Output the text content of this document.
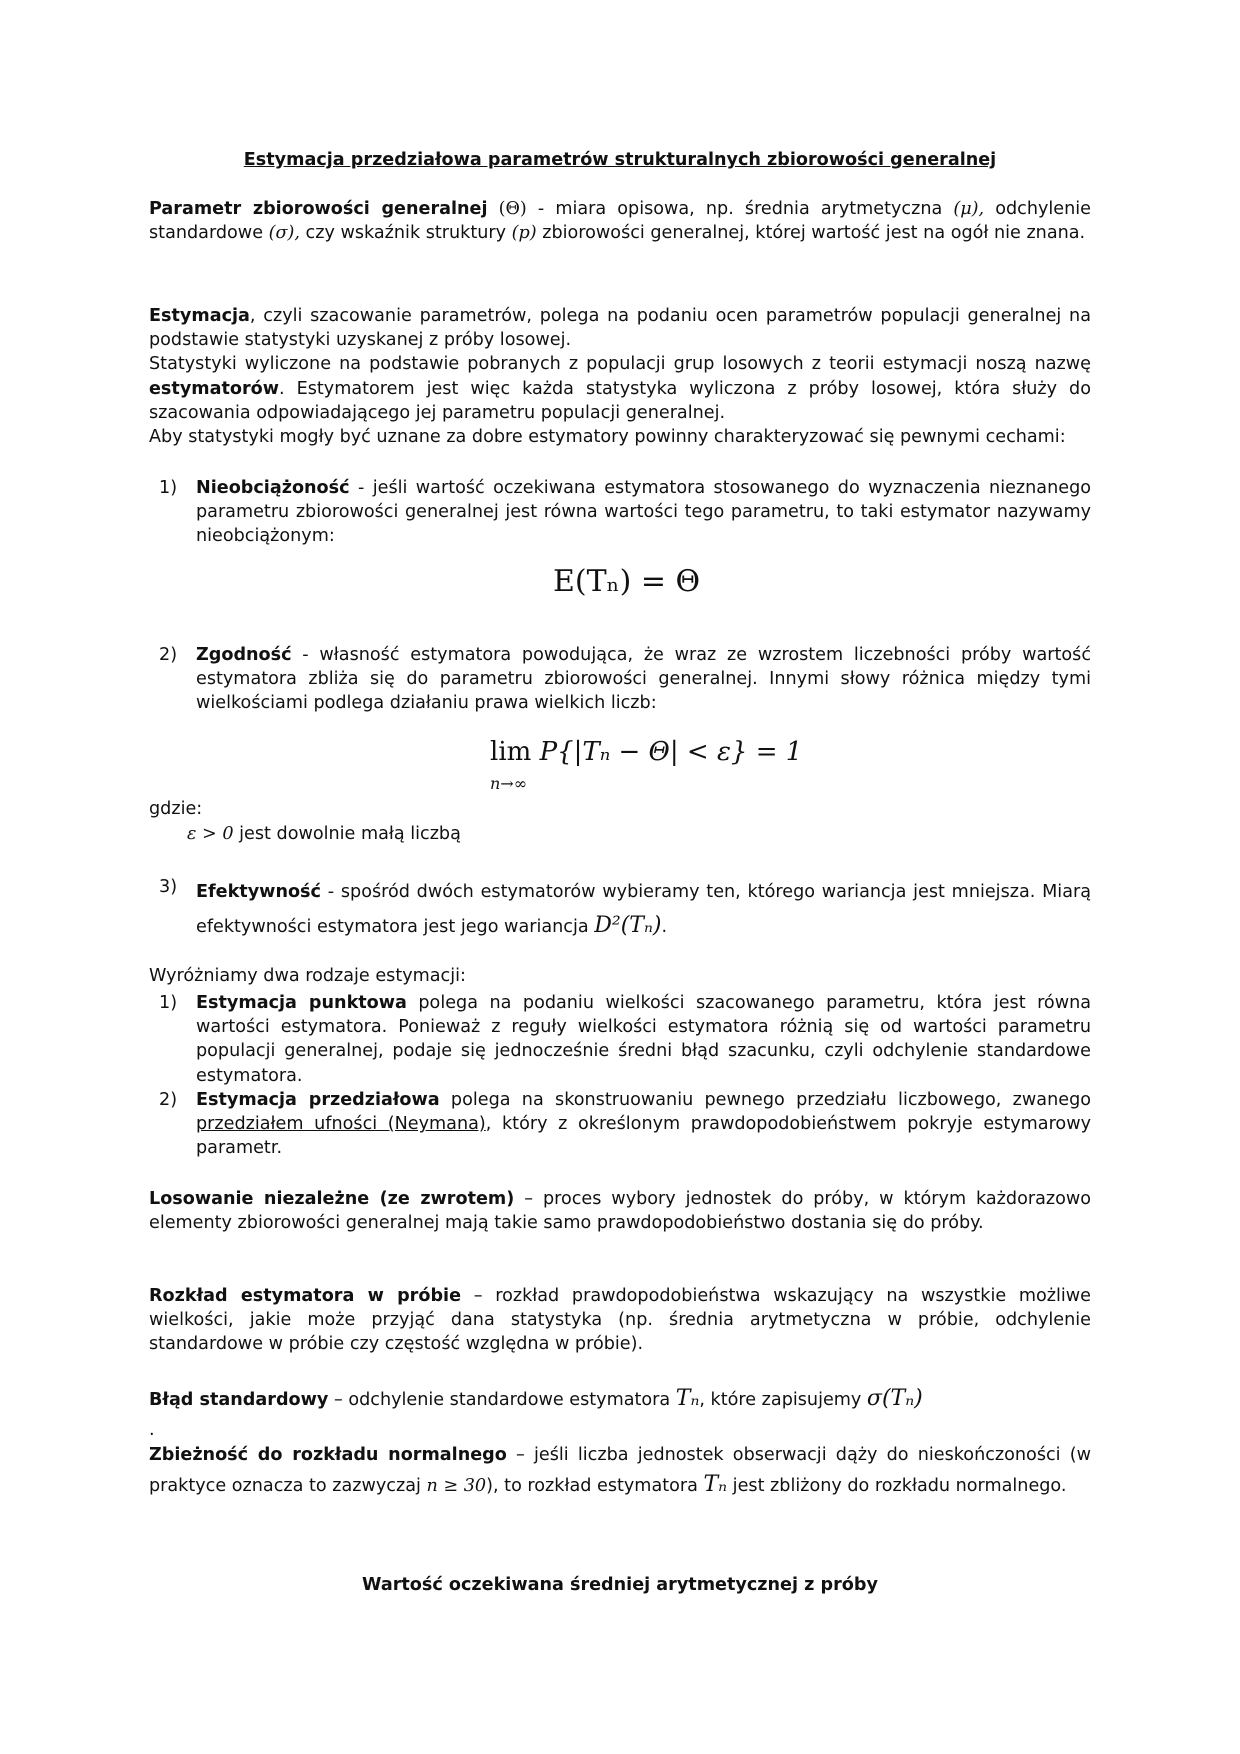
Estymacja przedziałowa parametrów strukturalnych zbiorowości generalnej
Parametr zbiorowości generalnej (Θ) - miara opisowa, np. średnia arytmetyczna (μ), odchylenie standardowe (σ), czy wskaźnik struktury (p) zbiorowości generalnej, której wartość jest na ogół nie znana.
Estymacja, czyli szacowanie parametrów, polega na podaniu ocen parametrów populacji generalnej na podstawie statystyki uzyskanej z próby losowej.
Statystyki wyliczone na podstawie pobranych z populacji grup losowych z teorii estymacji noszą nazwę estymatorów. Estymatorem jest więc każda statystyka wyliczona z próby losowej, która służy do szacowania odpowiadającego jej parametru populacji generalnej.
Aby statystyki mogły być uznane za dobre estymatory powinny charakteryzować się pewnymi cechami:
1) Nieobciążoność - jeśli wartość oczekiwana estymatora stosowanego do wyznaczenia nieznanego parametru zbiorowości generalnej jest równa wartości tego parametru, to taki estymator nazywamy nieobciążonym:
E(Tₙ) = Θ
2) Zgodność - własność estymatora powodująca, że wraz ze wzrostem liczebności próby wartość estymatora zbliża się do parametru zbiorowości generalnej. Innymi słowy różnica między tymi wielkościami podlega działaniu prawa wielkich liczb:
lim
n→∞
P{|Tₙ − Θ| < ε} = 1
gdzie:
ε > 0 jest dowolnie małą liczbą
3) Efektywność - spośród dwóch estymatorów wybieramy ten, którego wariancja jest mniejsza. Miarą efektywności estymatora jest jego wariancja D²(Tₙ).
Wyróżniamy dwa rodzaje estymacji:
1) Estymacja punktowa polega na podaniu wielkości szacowanego parametru, która jest równa wartości estymatora. Ponieważ z reguły wielkości estymatora różnią się od wartości parametru populacji generalnej, podaje się jednocześnie średni błąd szacunku, czyli odchylenie standardowe estymatora.
2) Estymacja przedziałowa polega na skonstruowaniu pewnego przedziału liczbowego, zwanego przedziałem ufności (Neymana), który z określonym prawdopodobieństwem pokryje estymarowy parametr.
Losowanie niezależne (ze zwrotem) – proces wybory jednostek do próby, w którym każdorazowo elementy zbiorowości generalnej mają takie samo prawdopodobieństwo dostania się do próby.
Rozkład estymatora w próbie – rozkład prawdopodobieństwa wskazujący na wszystkie możliwe wielkości, jakie może przyjąć dana statystyka (np. średnia arytmetyczna w próbie, odchylenie standardowe w próbie czy częstość względna w próbie).
Błąd standardowy – odchylenie standardowe estymatora Tₙ, które zapisujemy σ(Tₙ)
.
Zbieżność do rozkładu normalnego – jeśli liczba jednostek obserwacji dąży do nieskończoności (w praktyce oznacza to zazwyczaj n ≥ 30), to rozkład estymatora Tₙ jest zbliżony do rozkładu normalnego.
Wartość oczekiwana średniej arytmetycznej z próby
